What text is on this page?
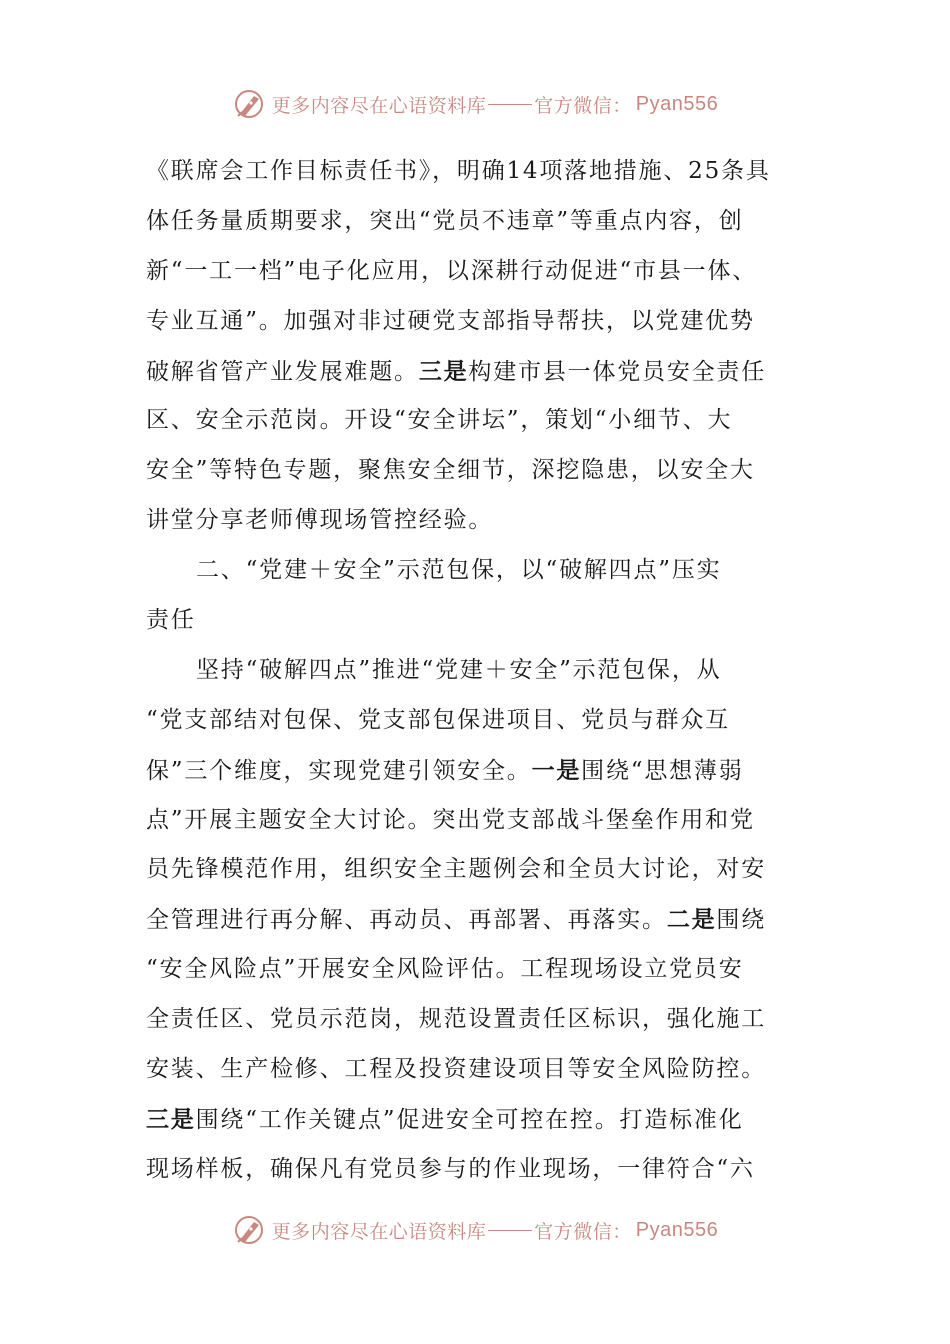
更多内容尽在心语资料库	官方微信： Pyan556
《联席会工作目标责任书》，明确14项落地措施、25条具
体任务量质期要求，突出“党员不违章”等重点内容，创
新“一工一档”电子化应用，以深耕行动促进“市县一体、
专业互通”。加强对非过硬党支部指导帮扶，以党建优势
破解省管产业发展难题。三是构建市县一体党员安全责任
区、安全示范岗。开设“安全讲坛”，策划“小细节、大
安全”等特色专题，聚焦安全细节，深挖隐患，以安全大
讲堂分享老师傅现场管控经验。
二、“党建＋安全”示范包保，以“破解四点”压实
责任
坚持“破解四点”推进“党建＋安全”示范包保，从
“党支部结对包保、党支部包保进项目、党员与群众互
保”三个维度，实现党建引领安全。一是围绕“思想薄弱
点”开展主题安全大讨论。突出党支部战斗堡垒作用和党
员先锋模范作用，组织安全主题例会和全员大讨论，对安
全管理进行再分解、再动员、再部署、再落实。二是围绕
“安全风险点”开展安全风险评估。工程现场设立党员安
全责任区、党员示范岗，规范设置责任区标识，强化施工
安装、生产检修、工程及投资建设项目等安全风险防控。
三是围绕“工作关键点”促进安全可控在控。打造标准化
现场样板，确保凡有党员参与的作业现场，一律符合“六
更多内容尽在心语资料库	官方微信： Pyan556
